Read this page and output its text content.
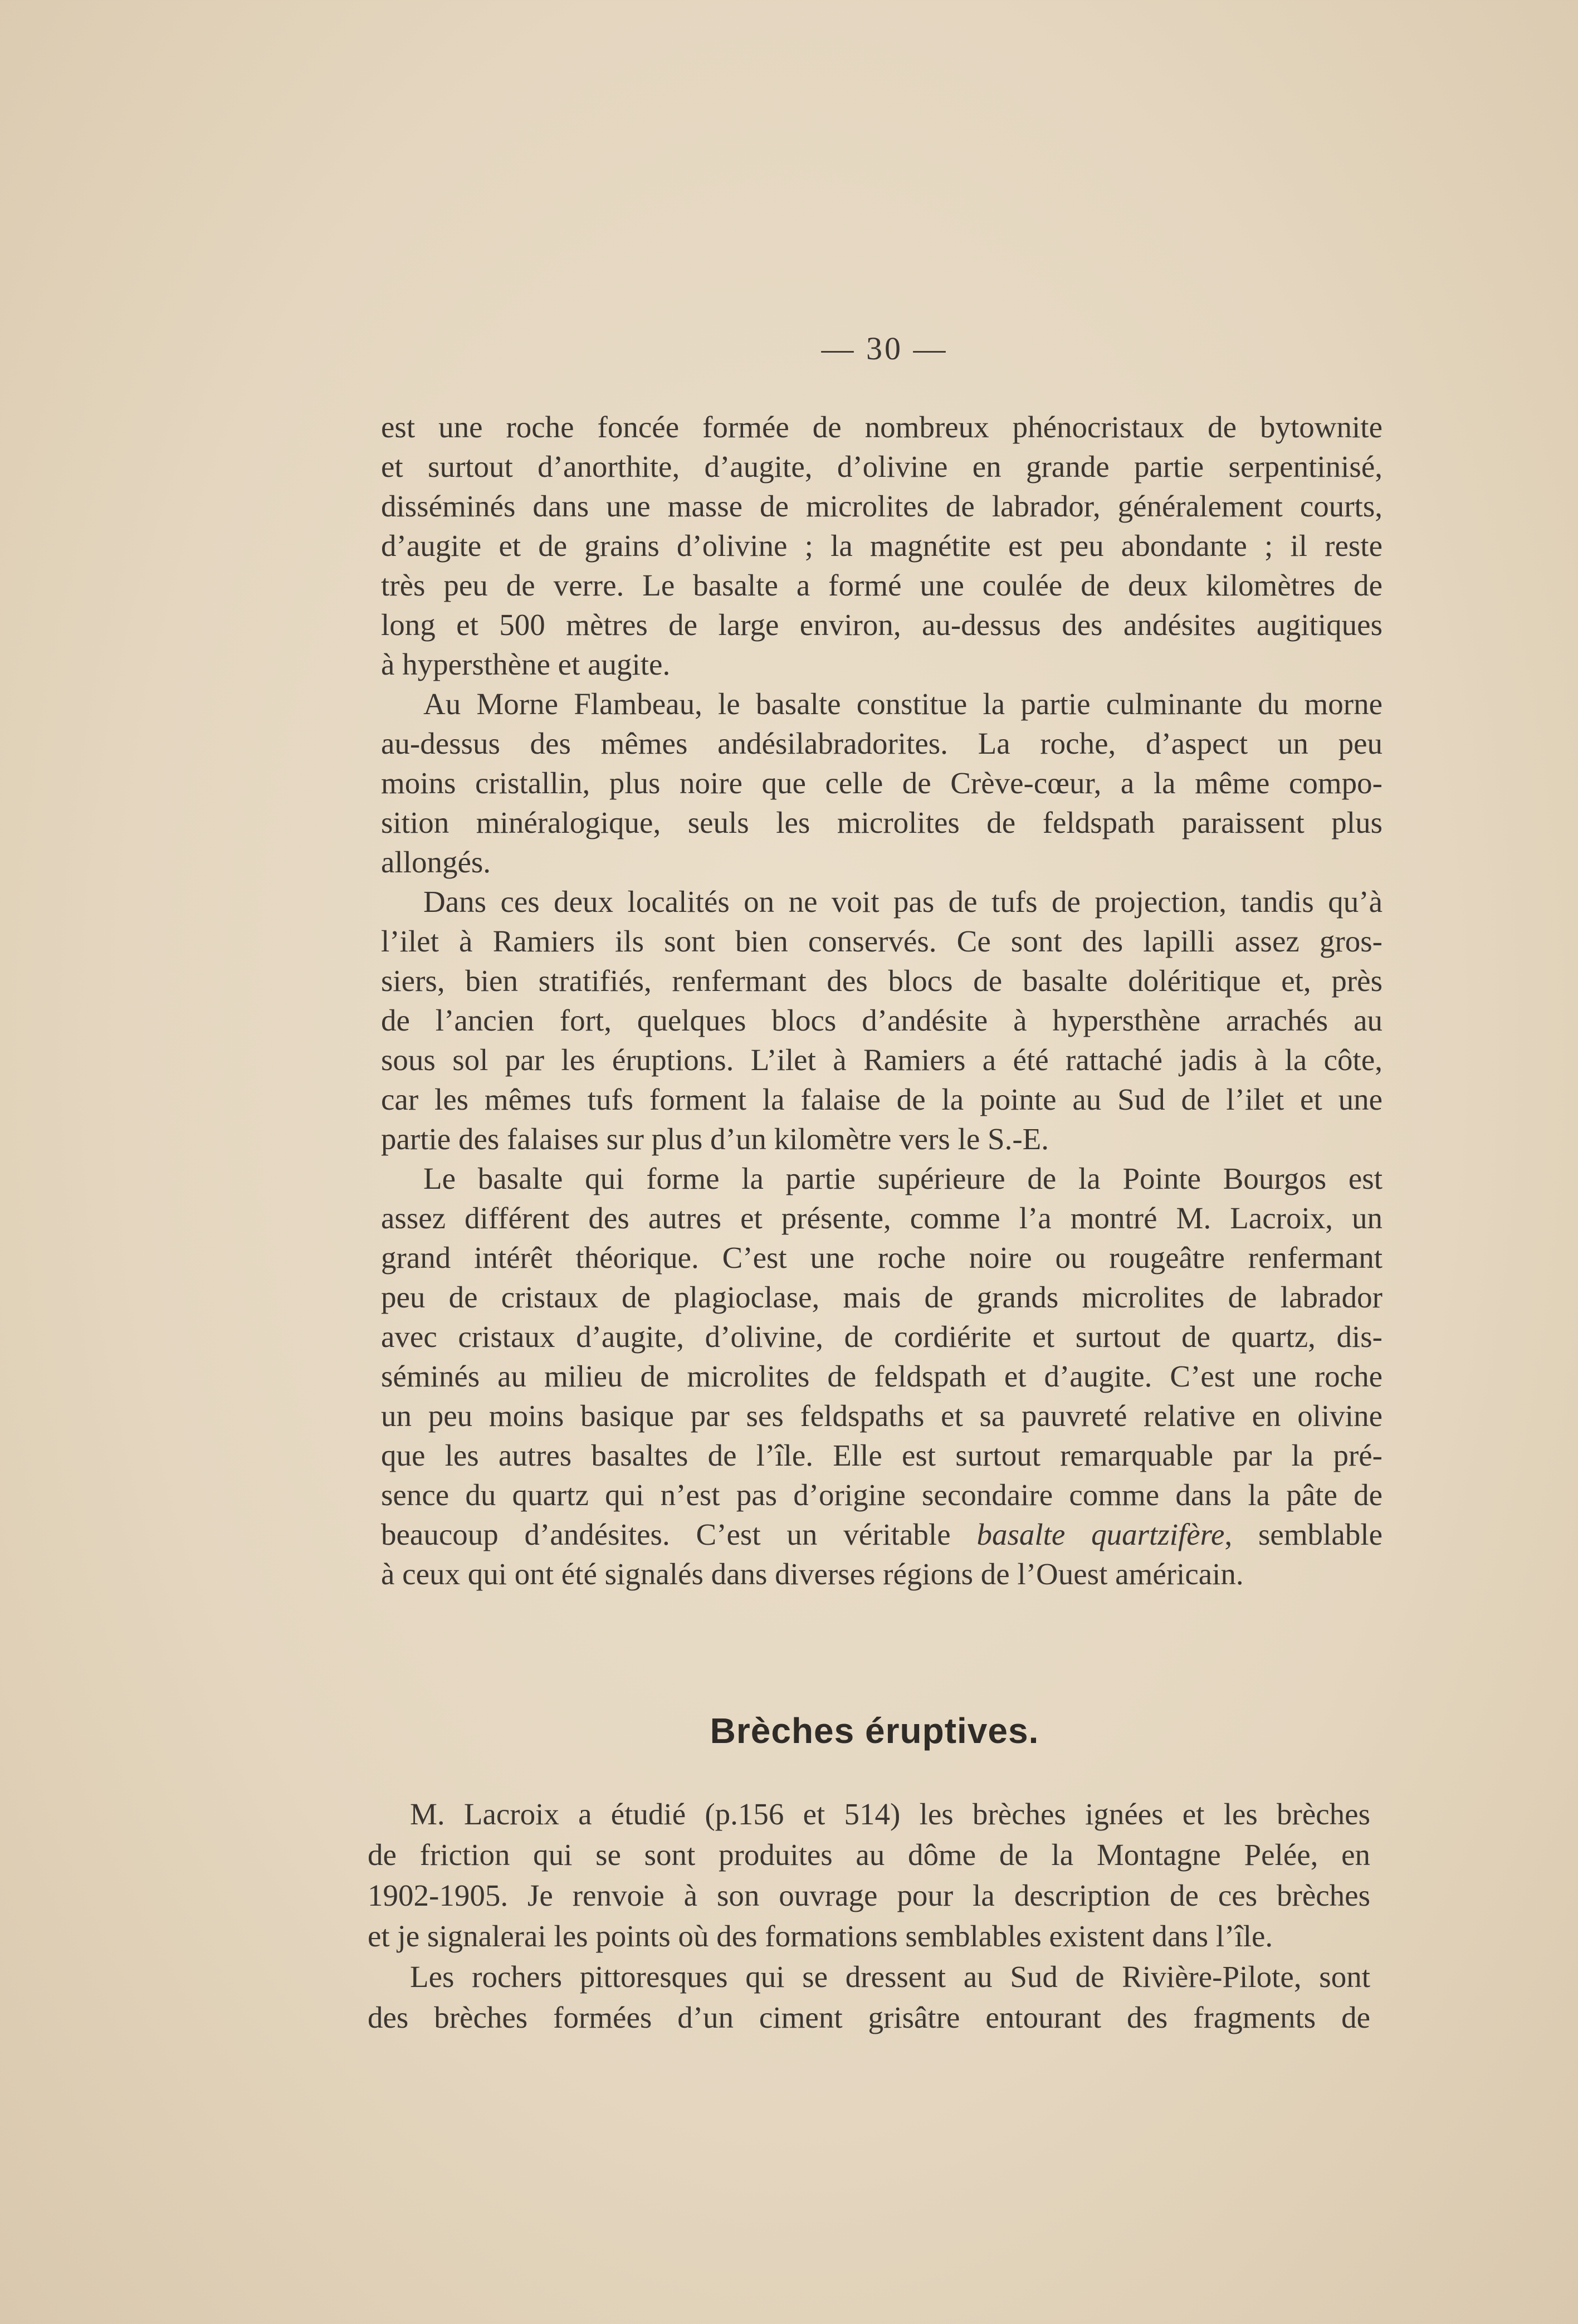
— 30 —
est une roche foncée formée de nombreux phénocristaux de bytownite
et surtout d’anorthite, d’augite, d’olivine en grande partie serpentinisé,
disséminés dans une masse de microlites de labrador, généralement courts,
d’augite et de grains d’olivine ; la magnétite est peu abondante ; il reste
très peu de verre. Le basalte a formé une coulée de deux kilomètres de
long et 500 mètres de large environ, au-dessus des andésites augitiques
à hypersthène et augite.
Au Morne Flambeau, le basalte constitue la partie culminante du morne
au-dessus des mêmes andésilabradorites. La roche, d’aspect un peu
moins cristallin, plus noire que celle de Crève-cœur, a la même compo-
sition minéralogique, seuls les microlites de feldspath paraissent plus
allongés.
Dans ces deux localités on ne voit pas de tufs de projection, tandis qu’à
l’ilet à Ramiers ils sont bien conservés. Ce sont des lapilli assez gros-
siers, bien stratifiés, renfermant des blocs de basalte doléritique et, près
de l’ancien fort, quelques blocs d’andésite à hypersthène arrachés au
sous sol par les éruptions. L’ilet à Ramiers a été rattaché jadis à la côte,
car les mêmes tufs forment la falaise de la pointe au Sud de l’ilet et une
partie des falaises sur plus d’un kilomètre vers le S.-E.
Le basalte qui forme la partie supérieure de la Pointe Bourgos est
assez différent des autres et présente, comme l’a montré M. Lacroix, un
grand intérêt théorique. C’est une roche noire ou rougeâtre renfermant
peu de cristaux de plagioclase, mais de grands microlites de labrador
avec cristaux d’augite, d’olivine, de cordiérite et surtout de quartz, dis-
séminés au milieu de microlites de feldspath et d’augite. C’est une roche
un peu moins basique par ses feldspaths et sa pauvreté relative en olivine
que les autres basaltes de l’île. Elle est surtout remarquable par la pré-
sence du quartz qui n’est pas d’origine secondaire comme dans la pâte de
beaucoup d’andésites. C’est un véritable basalte quartzifère, semblable
à ceux qui ont été signalés dans diverses régions de l’Ouest américain.
Brèches éruptives.
M. Lacroix a étudié (p.156 et 514) les brèches ignées et les brèches
de friction qui se sont produites au dôme de la Montagne Pelée, en
1902-1905. Je renvoie à son ouvrage pour la description de ces brèches
et je signalerai les points où des formations semblables existent dans l’île.
Les rochers pittoresques qui se dressent au Sud de Rivière-Pilote, sont
des brèches formées d’un ciment grisâtre entourant des fragments de
